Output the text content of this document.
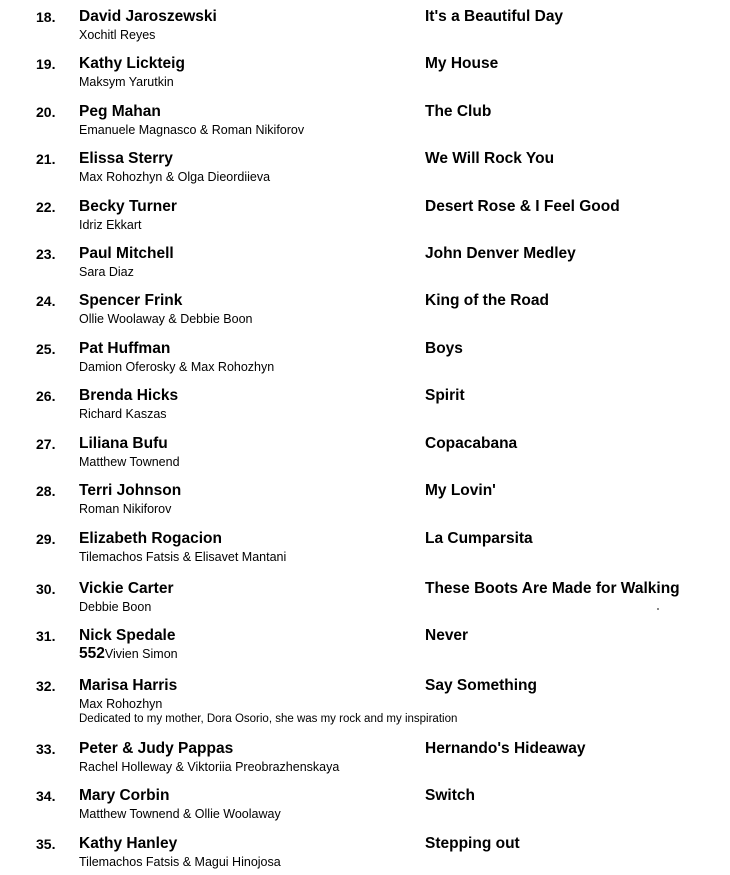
18. David Jaroszewski
Xochitl Reyes
It's a Beautiful Day
19. Kathy Lickteig
Maksym Yarutkin
My House
20. Peg Mahan
Emanuele Magnasco & Roman Nikiforov
The Club
21. Elissa Sterry
Max Rohozhyn & Olga Dieordiieva
We Will Rock You
22. Becky Turner
Idriz Ekkart
Desert Rose & I Feel Good
23. Paul Mitchell
Sara Diaz
John Denver Medley
24. Spencer Frink
Ollie Woolaway & Debbie Boon
King of the Road
25. Pat Huffman
Damion Oferosky & Max Rohozhyn
Boys
26. Brenda Hicks
Richard Kaszas
Spirit
27. Liliana Bufu
Matthew Townend
Copacabana
28. Terri Johnson
Roman Nikiforov
My Lovin'
29. Elizabeth Rogacion
Tilemachos Fatsis & Elisavet Mantani
La Cumparsita
30. Vickie Carter
Debbie Boon
These Boots Are Made for Walking
31. Nick Spedale
552Vivien Simon
Never
32. Marisa Harris
Max Rohozhyn
Dedicated to my mother, Dora Osorio, she was my rock and my inspiration
Say Something
33. Peter & Judy Pappas
Rachel Holleway & Viktoriia Preobrazhenskaya
Hernando's Hideaway
34. Mary Corbin
Matthew Townend & Ollie Woolaway
Switch
35. Kathy Hanley
Tilemachos Fatsis & Magui Hinojosa
Stepping out
